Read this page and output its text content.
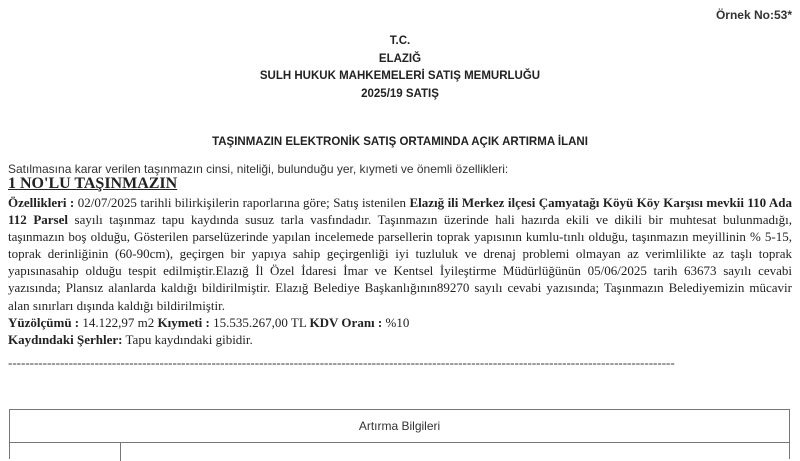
Örnek No:53*
T.C.
ELAZIĞ
SULH HUKUK MAHKEMELERİ SATIŞ MEMURLUĞU
2025/19 SATIŞ
TAŞINMAZIN ELEKTRONİK SATIŞ ORTAMINDA AÇIK ARTIRMA İLANI
Satılmasına karar verilen taşınmazın cinsi, niteliği, bulunduğu yer, kıymeti ve önemli özellikleri:
1 NO'LU TAŞINMAZIN

Özellikleri : 02/07/2025 tarihli bilirkişilerin raporlarına göre; Satış istenilen Elazığ ili Merkez ilçesi Çamyatağı Köyü Köy Karşısı mevkii 110 Ada 112 Parsel sayılı taşınmaz tapu kaydında susuz tarla vasfındadır. Taşınmazın üzerinde hali hazırda ekili ve dikili bir muhtesat bulunmadığı, taşınmazın boş olduğu, Gösterilen parselüzerinde yapılan incelemede parsellerin toprak yapısının kumlu-tınlı olduğu, taşınmazın meyillinin % 5-15, toprak derinliğinin (60-90cm), geçirgen bir yapıya sahip geçirgenliği iyi tuzluluk ve drenaj problemi olmayan az verimlilikte az taşlı toprak yapısınasahip olduğu tespit edilmiştir.Elazığ İl Özel İdaresi İmar ve Kentsel İyileştirme Müdürlüğünün 05/06/2025 tarih 63673 sayılı cevabi yazısında; Plansız alanlarda kaldığı bildirilmiştir. Elazığ Belediye Başkanlığının89270 sayılı cevabi yazısında; Taşınmazın Belediyemizin mücavir alan sınırları dışında kaldığı bildirilmiştir.

Yüzölçümü : 14.122,97 m2 Kıymeti : 15.535.267,00 TL KDV Oranı : %10

Kaydındaki Şerhler: Tapu kaydındaki gibidir.

----------------------------------------------------------------------------------------------------------------------------------------------------------
Artırma Bilgileri
